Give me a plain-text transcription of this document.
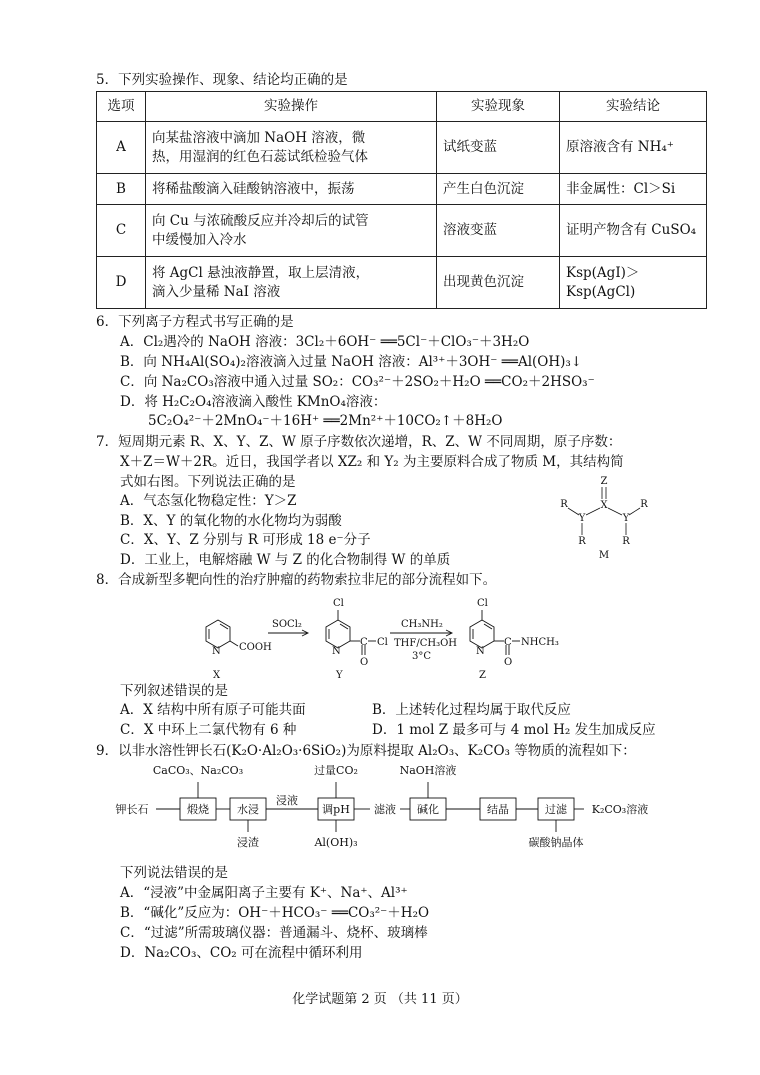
5．下列实验操作、现象、结论均正确的是
选项	实验操作	实验现象	实验结论
A	向某盐溶液中滴加 NaOH 溶液，微
热，用湿润的红色石蕊试纸检验气体	试纸变蓝	原溶液含有 NH₄⁺
B	将稀盐酸滴入硅酸钠溶液中，振荡	产生白色沉淀	非金属性：Cl＞Si
C	向 Cu 与浓硫酸反应并冷却后的试管
中缓慢加入冷水	溶液变蓝	证明产物含有 CuSO₄
D	将 AgCl 悬浊液静置，取上层清液，
滴入少量稀 NaI 溶液	出现黄色沉淀	Ksp(AgI)＞Ksp(AgCl)
6．下列离子方程式书写正确的是
A．Cl₂遇冷的 NaOH 溶液：3Cl₂＋6OH⁻ ══5Cl⁻＋ClO₃⁻＋3H₂O
B．向 NH₄Al(SO₄)₂溶液滴入过量 NaOH 溶液：Al³⁺＋3OH⁻ ══Al(OH)₃↓
C．向 Na₂CO₃溶液中通入过量 SO₂：CO₃²⁻＋2SO₂＋H₂O ══CO₂＋2HSO₃⁻
D．将 H₂C₂O₄溶液滴入酸性 KMnO₄溶液：
5C₂O₄²⁻＋2MnO₄⁻＋16H⁺ ══2Mn²⁺＋10CO₂↑＋8H₂O
7．短周期元素 R、X、Y、Z、W 原子序数依次递增，R、Z、W 不同周期，原子序数：
X＋Z＝W＋2R。近日，我国学者以 XZ₂ 和 Y₂ 为主要原料合成了物质 M，其结构简
式如右图。下列说法正确的是
A．气态氢化物稳定性：Y＞Z
B．X、Y 的氧化物的水化物均为弱酸
C．X、Y、Z 分别与 R 可形成 18 e⁻分子
D．工业上，电解熔融 W 与 Z 的化合物制得 W 的单质
Z
X
Y	Y
R	R
R	R
M
8．合成新型多靶向性的治疗肿瘤的药物索拉非尼的部分流程如下。
N COOH
SOCl₂
Cl
N
C Cl
O
CH₃NH₂
THF/CH₃OH
3°C
Cl
N
C NHCH₃
O
X	Y	Z
下列叙述错误的是
A．X 结构中所有原子可能共面	B．上述转化过程均属于取代反应
C．X 中环上二氯代物有 6 种	D．1 mol Z 最多可与 4 mol H₂ 发生加成反应
9．以非水溶性钾长石(K₂O·Al₂O₃·6SiO₂)为原料提取 Al₂O₃、K₂CO₃ 等物质的流程如下：
CaCO₃、Na₂CO₃	过量CO₂	NaOH溶液
钾长石	煅烧	水浸
浸液
调pH 滤液 碱化	结晶	过滤 K₂CO₃溶液
浸渣	Al(OH)₃	碳酸钠晶体
下列说法错误的是
A．“浸液”中金属阳离子主要有 K⁺、Na⁺、Al³⁺
B．“碱化”反应为：OH⁻＋HCO₃⁻ ══CO₃²⁻＋H₂O
C．“过滤”所需玻璃仪器：普通漏斗、烧杯、玻璃棒
D．Na₂CO₃、CO₂ 可在流程中循环利用
化学试题第 2 页 （共 11 页）
